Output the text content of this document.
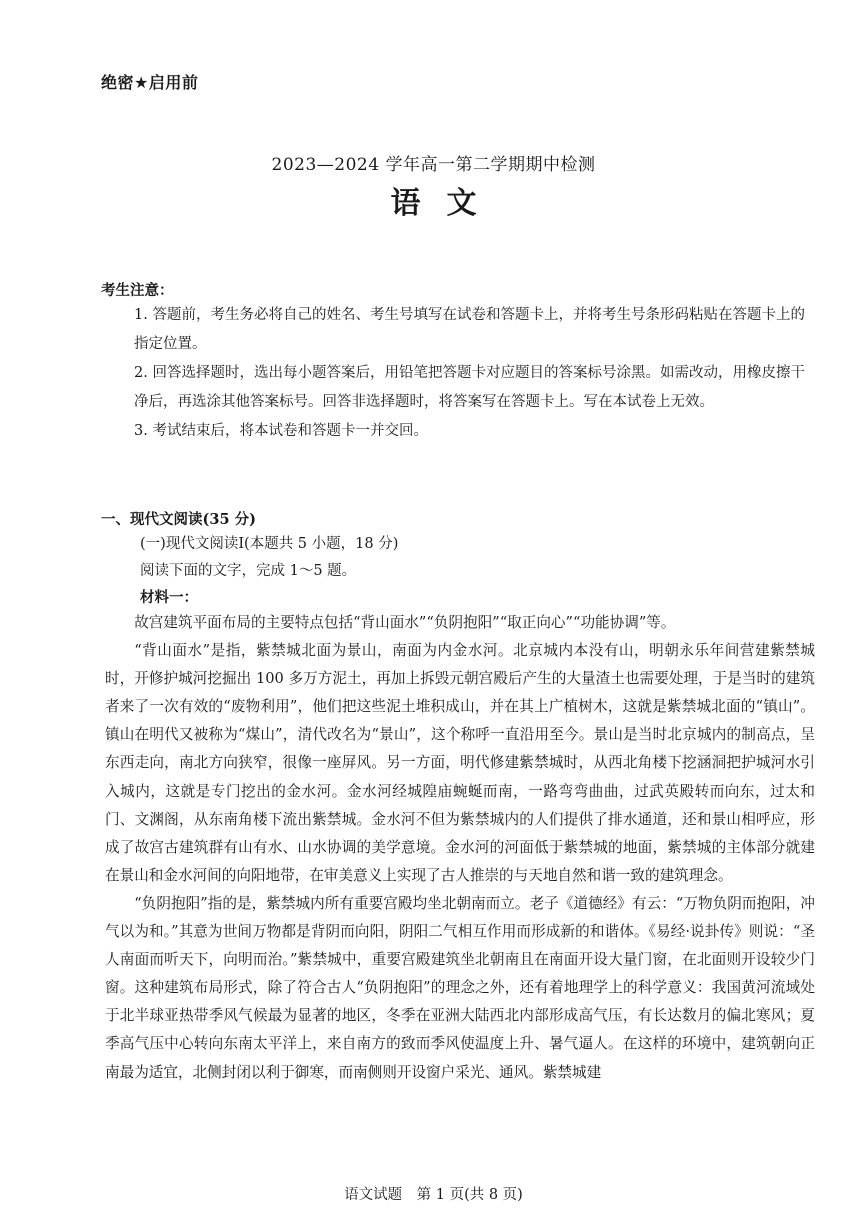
绝密★启用前
2023—2024 学年高一第二学期期中检测
语文
考生注意：
1. 答题前，考生务必将自己的姓名、考生号填写在试卷和答题卡上，并将考生号条形码粘贴在答题卡上的指定位置。
2. 回答选择题时，选出每小题答案后，用铅笔把答题卡对应题目的答案标号涂黑。如需改动，用橡皮擦干净后，再选涂其他答案标号。回答非选择题时，将答案写在答题卡上。写在本试卷上无效。
3. 考试结束后，将本试卷和答题卡一并交回。
一、现代文阅读(35 分)
(一)现代文阅读Ⅰ(本题共 5 小题，18 分)
阅读下面的文字，完成 1～5 题。
材料一：

故宫建筑平面布局的主要特点包括“背山面水”“负阴抱阳”“取正向心”“功能协调”等。

“背山面水”是指，紫禁城北面为景山，南面为内金水河。北京城内本没有山，明朝永乐年间营建紫禁城时，开修护城河挖掘出 100 多万方泥土，再加上拆毁元朝宫殿后产生的大量渣土也需要处理，于是当时的建筑者来了一次有效的“废物利用”，他们把这些泥土堆积成山，并在其上广植树木，这就是紫禁城北面的“镇山”。镇山在明代又被称为“煤山”，清代改名为“景山”，这个称呼一直沿用至今。景山是当时北京城内的制高点，呈东西走向，南北方向狭窄，很像一座屏风。另一方面，明代修建紫禁城时，从西北角楼下挖涵洞把护城河水引入城内，这就是专门挖出的金水河。金水河经城隍庙蜿蜒而南，一路弯弯曲曲，过武英殿转而向东，过太和门、文渊阁，从东南角楼下流出紫禁城。金水河不但为紫禁城内的人们提供了排水通道，还和景山相呼应，形成了故宫古建筑群有山有水、山水协调的美学意境。金水河的河面低于紫禁城的地面，紫禁城的主体部分就建在景山和金水河间的向阳地带，在审美意义上实现了古人推崇的与天地自然和谐一致的建筑理念。

“负阴抱阳”指的是，紫禁城内所有重要宫殿均坐北朝南而立。老子《道德经》有云：“万物负阴而抱阳，冲气以为和。”其意为世间万物都是背阴而向阳，阴阳二气相互作用而形成新的和谐体。《易经·说卦传》则说：“圣人南面而听天下，向明而治。”紫禁城中，重要宫殿建筑坐北朝南且在南面开设大量门窗，在北面则开设较少门窗。这种建筑布局形式，除了符合古人“负阴抱阳”的理念之外，还有着地理学上的科学意义：我国黄河流域处于北半球亚热带季风气候最为显著的地区，冬季在亚洲大陆西北内部形成高气压，有长达数月的偏北寒风；夏季高气压中心转向东南太平洋上，来自南方的致而季风使温度上升、暑气逼人。在这样的环境中，建筑朝向正南最为适宜，北侧封闭以利于御寒，而南侧则开设窗户采光、通风。紫禁城建

语文试题　第 1 页(共 8 页)
